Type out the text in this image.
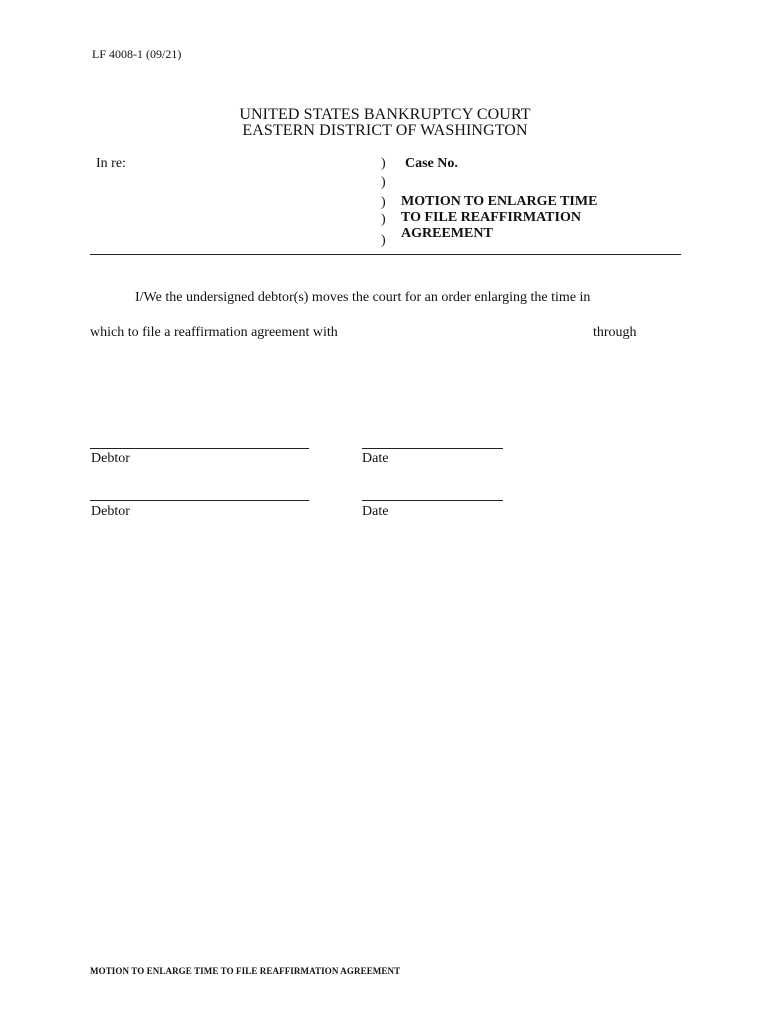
LF 4008-1 (09/21)
UNITED STATES BANKRUPTCY COURT
EASTERN DISTRICT OF WASHINGTON
In re:	)
)
)
)
)
Case No.
MOTION TO ENLARGE TIME
TO FILE REAFFIRMATION
AGREEMENT
I/We the undersigned debtor(s) moves the court for an order enlarging the time in
which to file a reaffirmation agreement with	through
Debtor	Date
Debtor	Date
MOTION TO ENLARGE TIME TO FILE REAFFIRMATION AGREEMENT
